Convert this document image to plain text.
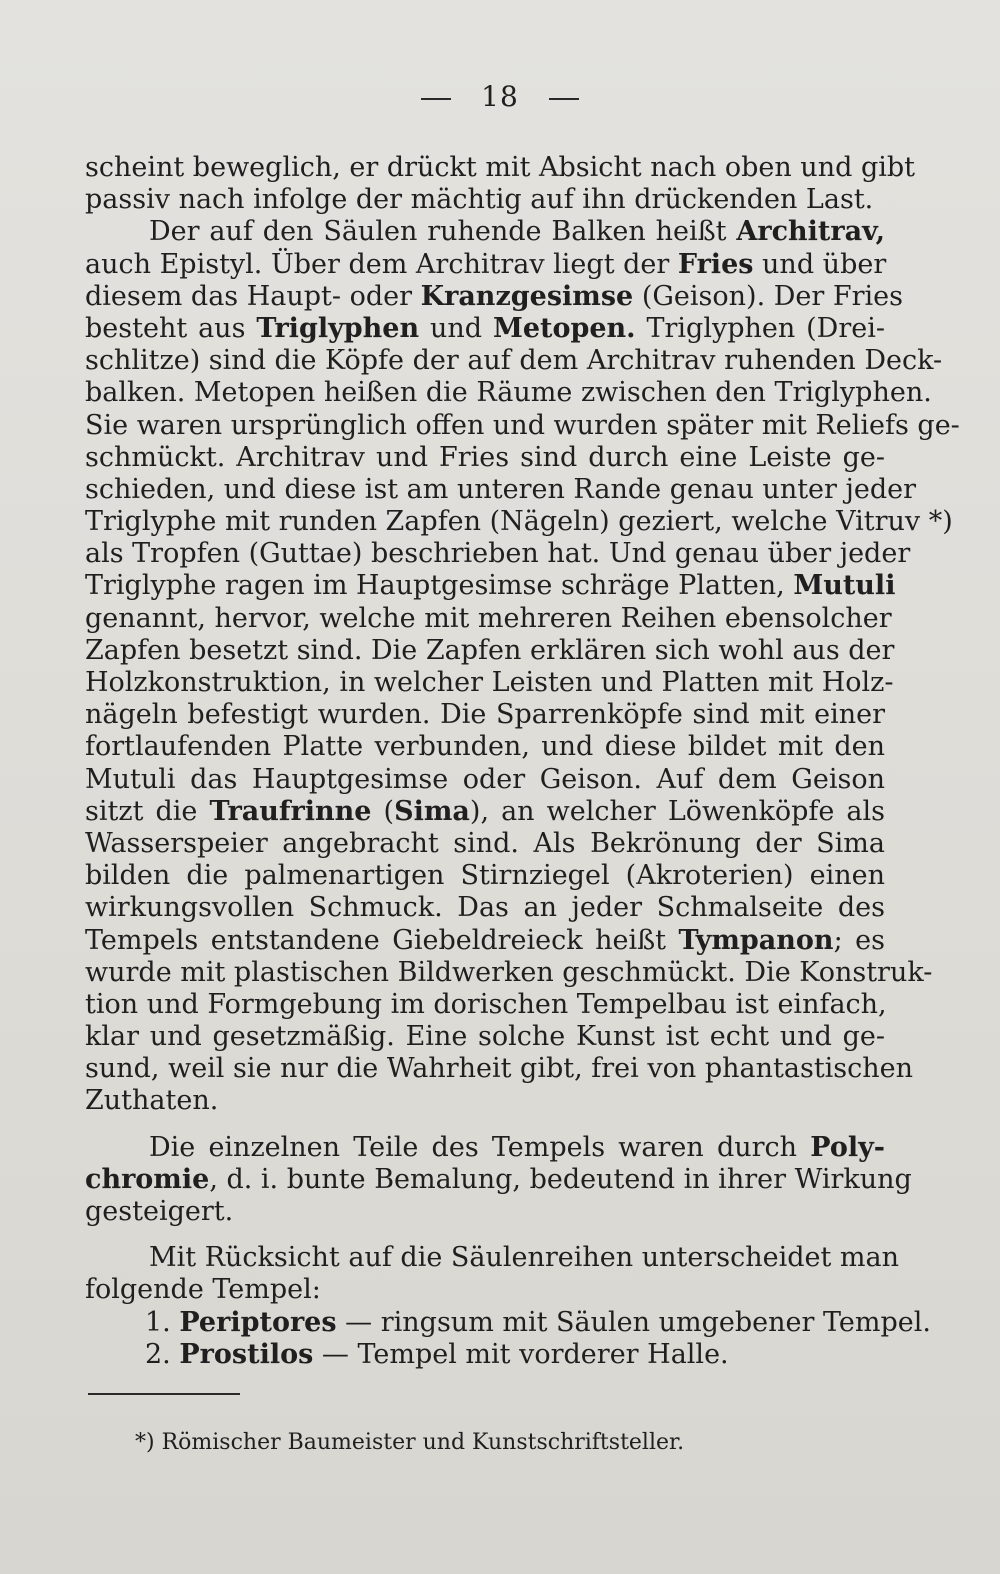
18
scheint beweglich, er drückt mit Absicht nach oben und gibt
passiv nach infolge der mächtig auf ihn drückenden Last.
Der auf den Säulen ruhende Balken heißt Architrav,
auch Epistyl. Über dem Architrav liegt der Fries und über
diesem das Haupt- oder Kranzgesimse (Geison). Der Fries
besteht aus Triglyphen und Metopen. Triglyphen (Drei-
schlitze) sind die Köpfe der auf dem Architrav ruhenden Deck-
balken. Metopen heißen die Räume zwischen den Triglyphen.
Sie waren ursprünglich offen und wurden später mit Reliefs ge-
schmückt. Architrav und Fries sind durch eine Leiste ge-
schieden, und diese ist am unteren Rande genau unter jeder
Triglyphe mit runden Zapfen (Nägeln) geziert, welche Vitruv *)
als Tropfen (Guttae) beschrieben hat. Und genau über jeder
Triglyphe ragen im Hauptgesimse schräge Platten, Mutuli
genannt, hervor, welche mit mehreren Reihen ebensolcher
Zapfen besetzt sind. Die Zapfen erklären sich wohl aus der
Holzkonstruktion, in welcher Leisten und Platten mit Holz-
nägeln befestigt wurden. Die Sparrenköpfe sind mit einer
fortlaufenden Platte verbunden, und diese bildet mit den
Mutuli das Hauptgesimse oder Geison. Auf dem Geison
sitzt die Traufrinne (Sima), an welcher Löwenköpfe als
Wasserspeier angebracht sind. Als Bekrönung der Sima
bilden die palmenartigen Stirnziegel (Akroterien) einen
wirkungsvollen Schmuck. Das an jeder Schmalseite des
Tempels entstandene Giebeldreieck heißt Tympanon; es
wurde mit plastischen Bildwerken geschmückt. Die Konstruk-
tion und Formgebung im dorischen Tempelbau ist einfach,
klar und gesetzmäßig. Eine solche Kunst ist echt und ge-
sund, weil sie nur die Wahrheit gibt, frei von phantastischen
Zuthaten.
Die einzelnen Teile des Tempels waren durch Poly-
chromie, d. i. bunte Bemalung, bedeutend in ihrer Wirkung
gesteigert.
Mit Rücksicht auf die Säulenreihen unterscheidet man
folgende Tempel:
1. Periptores — ringsum mit Säulen umgebener Tempel.
2. Prostilos — Tempel mit vorderer Halle.
*) Römischer Baumeister und Kunstschriftsteller.
